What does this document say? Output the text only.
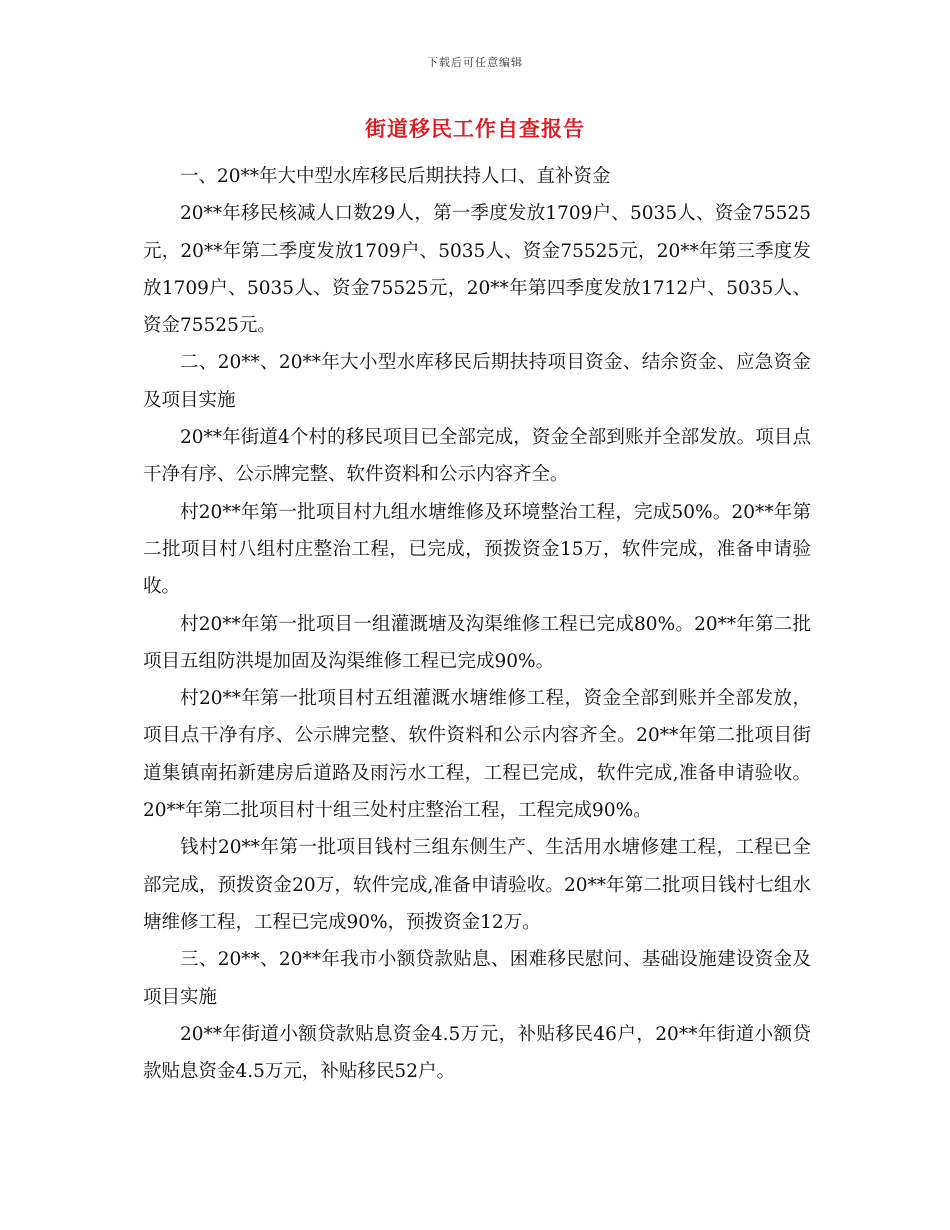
下载后可任意编辑
街道移民工作自查报告

一、20**年大中型水库移民后期扶持人口、直补资金

20**年移民核减人口数29人，第一季度发放1709户、5035人、资金75525元，20**年第二季度发放1709户、5035人、资金75525元，20**年第三季度发放1709户、5035人、资金75525元，20**年第四季度发放1712户、5035人、资金75525元。

二、20**、20**年大小型水库移民后期扶持项目资金、结余资金、应急资金及项目实施

20**年街道4个村的移民项目已全部完成，资金全部到账并全部发放。项目点干净有序、公示牌完整、软件资料和公示内容齐全。

村20**年第一批项目村九组水塘维修及环境整治工程，完成50%。20**年第二批项目村八组村庄整治工程，已完成，预拨资金15万，软件完成，准备申请验收。

村20**年第一批项目一组灌溉塘及沟渠维修工程已完成80%。20**年第二批项目五组防洪堤加固及沟渠维修工程已完成90%。

村20**年第一批项目村五组灌溉水塘维修工程，资金全部到账并全部发放，项目点干净有序、公示牌完整、软件资料和公示内容齐全。20**年第二批项目街道集镇南拓新建房后道路及雨污水工程，工程已完成，软件完成,准备申请验收。20**年第二批项目村十组三处村庄整治工程，工程完成90%。

钱村20**年第一批项目钱村三组东侧生产、生活用水塘修建工程，工程已全部完成，预拨资金20万，软件完成,准备申请验收。20**年第二批项目钱村七组水塘维修工程，工程已完成90%，预拨资金12万。

三、20**、20**年我市小额贷款贴息、困难移民慰问、基础设施建设资金及项目实施

20**年街道小额贷款贴息资金4.5万元，补贴移民46户，20**年街道小额贷款贴息资金4.5万元，补贴移民52户。
